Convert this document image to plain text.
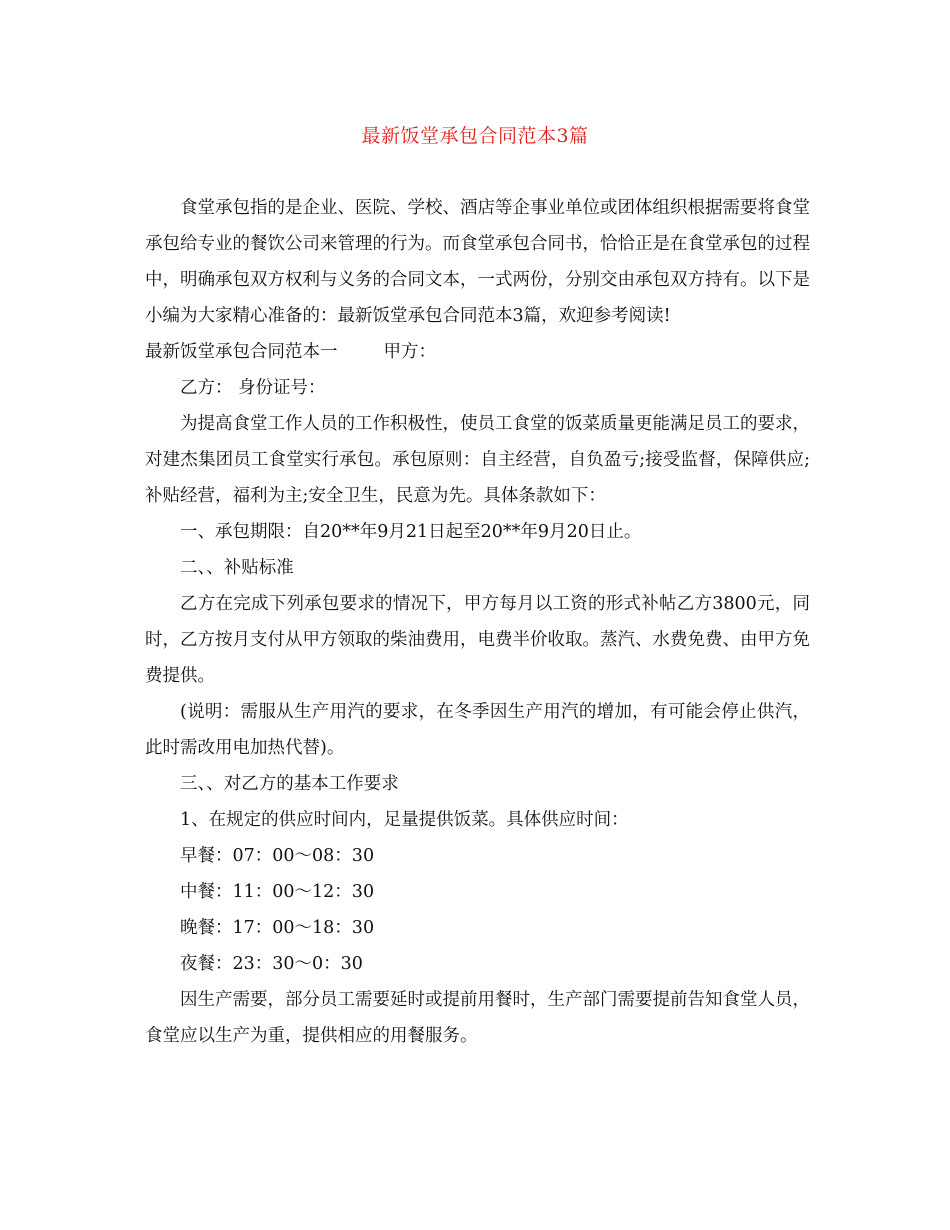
最新饭堂承包合同范本3篇

食堂承包指的是企业、医院、学校、酒店等企事业单位或团体组织根据需要将食堂承包给专业的餐饮公司来管理的行为。而食堂承包合同书，恰恰正是在食堂承包的过程中，明确承包双方权利与义务的合同文本，一式两份，分别交由承包双方持有。以下是小编为大家精心准备的：最新饭堂承包合同范本3篇，欢迎参考阅读!

最新饭堂承包合同范本一	甲方：

乙方： 身份证号：

为提高食堂工作人员的工作积极性，使员工食堂的饭菜质量更能满足员工的要求，对建杰集团员工食堂实行承包。承包原则：自主经营，自负盈亏;接受监督，保障供应;补贴经营，福利为主;安全卫生，民意为先。具体条款如下：

一、承包期限：自20**年9月21日起至20**年9月20日止。

二、、补贴标准

乙方在完成下列承包要求的情况下，甲方每月以工资的形式补帖乙方3800元，同时，乙方按月支付从甲方领取的柴油费用，电费半价收取。蒸汽、水费免费、由甲方免费提供。

(说明：需服从生产用汽的要求，在冬季因生产用汽的增加，有可能会停止供汽，此时需改用电加热代替)。

三、、对乙方的基本工作要求

1、在规定的供应时间内，足量提供饭菜。具体供应时间：

早餐：07：00～08：30

中餐：11：00～12：30

晚餐：17：00～18：30

夜餐：23：30～0：30

因生产需要，部分员工需要延时或提前用餐时，生产部门需要提前告知食堂人员，食堂应以生产为重，提供相应的用餐服务。
